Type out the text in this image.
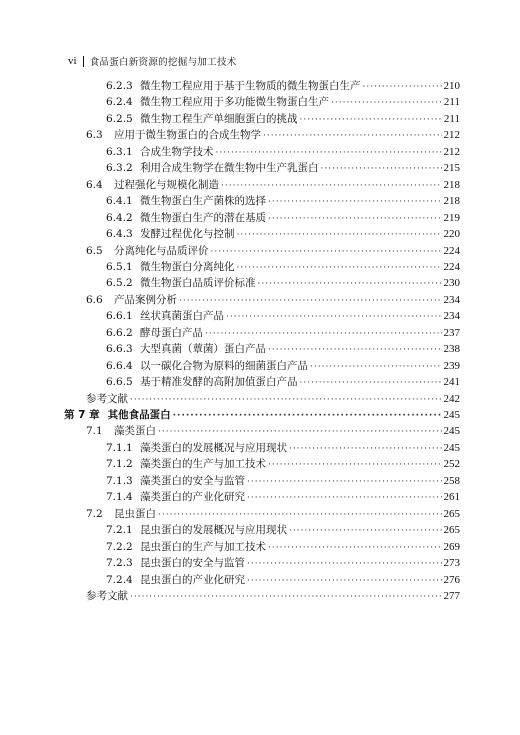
vi 食品蛋白新资源的挖掘与加工技术
6.2.3 微生物工程应用于基于生物质的微生物蛋白生产 ·····	210
6.2.4 微生物工程应用于多功能微生物蛋白生产 ·····	211
6.2.5 微生物工程生产单细胞蛋白的挑战 ·····	211
6.3	应用于微生物蛋白的合成生物学 ·····	212
6.3.1 合成生物学技术 ·····	212
6.3.2 利用合成生物学在微生物中生产乳蛋白 ·····	215
6.4	过程强化与规模化制造 ·····	218
6.4.1 微生物蛋白生产菌株的选择 ·····	218
6.4.2 微生物蛋白生产的潜在基质 ·····	219
6.4.3 发酵过程优化与控制 ·····	220
6.5	分离纯化与品质评价 ·····	224
6.5.1 微生物蛋白分离纯化 ·····	224
6.5.2 微生物蛋白品质评价标准 ·····	230
6.6	产品案例分析 ·····	234
6.6.1 丝状真菌蛋白产品 ·····	234
6.6.2 酵母蛋白产品 ·····	237
6.6.3 大型真菌（蕈菌）蛋白产品 ·····	238
6.6.4 以一碳化合物为原料的细菌蛋白产品 ·····	239
6.6.5 基于精准发酵的高附加值蛋白产品 ·····	241
参考文献 ·····	242
第 7 章 其他食品蛋白 ·····	245
7.1	藻类蛋白 ·····	245
7.1.1 藻类蛋白的发展概况与应用现状 ·····	245
7.1.2 藻类蛋白的生产与加工技术 ·····	252
7.1.3 藻类蛋白的安全与监管 ·····	258
7.1.4 藻类蛋白的产业化研究 ·····	261
7.2	昆虫蛋白 ·····	265
7.2.1 昆虫蛋白的发展概况与应用现状 ·····	265
7.2.2 昆虫蛋白的生产与加工技术 ·····	269
7.2.3 昆虫蛋白的安全与监管 ·····	273
7.2.4 昆虫蛋白的产业化研究 ·····	276
参考文献 ·····	277
